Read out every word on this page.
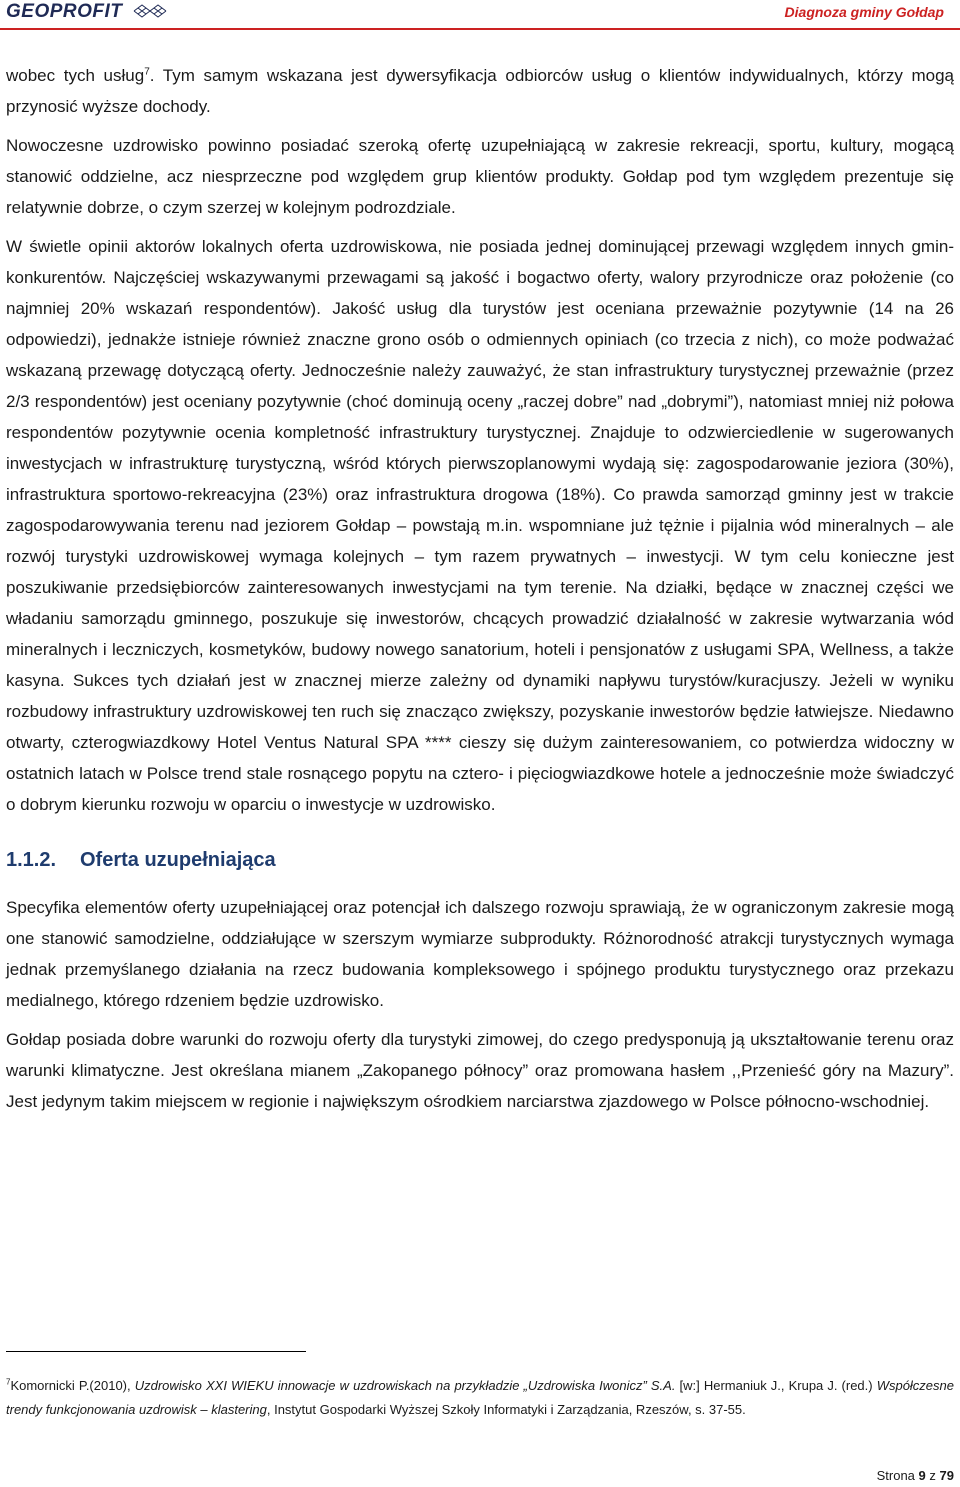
GEOPROFIT	Diagnoza gminy Gołdap

wobec tych usług$^7$. Tym samym wskazana jest dywersyfikacja odbiorców usług o klientów indywidualnych, którzy mogą przynosić wyższe dochody.

Nowoczesne uzdrowisko powinno posiadać szeroką ofertę uzupełniającą w zakresie rekreacji, sportu, kultury, mogącą stanowić oddzielne, acz niesprzeczne pod względem grup klientów produkty. Gołdap pod tym względem prezentuje się relatywnie dobrze, o czym szerzej w kolejnym podrozdziale.

W świetle opinii aktorów lokalnych oferta uzdrowiskowa, nie posiada jednej dominującej przewagi względem innych gmin-konkurentów. Najczęściej wskazywanymi przewagami są jakość i bogactwo oferty, walory przyrodnicze oraz położenie (co najmniej 20% wskazań respondentów). Jakość usług dla turystów jest oceniana przeważnie pozytywnie (14 na 26 odpowiedzi), jednakże istnieje również znaczne grono osób o odmiennych opiniach (co trzecia z nich), co może podważać wskazaną przewagę dotyczącą oferty. Jednocześnie należy zauważyć, że stan infrastruktury turystycznej przeważnie (przez 2/3 respondentów) jest oceniany pozytywnie (choć dominują oceny „raczej dobre” nad „dobrymi”), natomiast mniej niż połowa respondentów pozytywnie ocenia kompletność infrastruktury turystycznej. Znajduje to odzwierciedlenie w sugerowanych inwestycjach w infrastrukturę turystyczną, wśród których pierwszoplanowymi wydają się: zagospodarowanie jeziora (30%), infrastruktura sportowo-rekreacyjna (23%) oraz infrastruktura drogowa (18%). Co prawda samorząd gminny jest w trakcie zagospodarowywania terenu nad jeziorem Gołdap – powstają m.in. wspomniane już tężnie i pijalnia wód mineralnych – ale rozwój turystyki uzdrowiskowej wymaga kolejnych – tym razem prywatnych – inwestycji. W tym celu konieczne jest poszukiwanie przedsiębiorców zainteresowanych inwestycjami na tym terenie. Na działki, będące w znacznej części we władaniu samorządu gminnego, poszukuje się inwestorów, chcących prowadzić działalność w zakresie wytwarzania wód mineralnych i leczniczych, kosmetyków, budowy nowego sanatorium, hoteli i pensjonatów z usługami SPA, Wellness, a także kasyna. Sukces tych działań jest w znacznej mierze zależny od dynamiki napływu turystów/kuracjuszy. Jeżeli w wyniku rozbudowy infrastruktury uzdrowiskowej ten ruch się znacząco zwiększy, pozyskanie inwestorów będzie łatwiejsze. Niedawno otwarty, czterogwiazdkowy Hotel Ventus Natural SPA **** cieszy się dużym zainteresowaniem, co potwierdza widoczny w ostatnich latach w Polsce trend stale rosnącego popytu na cztero- i pięciogwiazdkowe hotele a jednocześnie może świadczyć o dobrym kierunku rozwoju w oparciu o inwestycje w uzdrowisko.

1.1.2. Oferta uzupełniająca

Specyfika elementów oferty uzupełniającej oraz potencjał ich dalszego rozwoju sprawiają, że w ograniczonym zakresie mogą one stanowić samodzielne, oddziałujące w szerszym wymiarze subprodukty. Różnorodność atrakcji turystycznych wymaga jednak przemyślanego działania na rzecz budowania kompleksowego i spójnego produktu turystycznego oraz przekazu medialnego, którego rdzeniem będzie uzdrowisko.

Gołdap posiada dobre warunki do rozwoju oferty dla turystyki zimowej, do czego predysponują ją ukształtowanie terenu oraz warunki klimatyczne. Jest określana mianem „Zakopanego północy” oraz promowana hasłem ,,Przenieść góry na Mazury”. Jest jedynym takim miejscem w regionie i największym ośrodkiem narciarstwa zjazdowego w Polsce północno-wschodniej.

$^7$Komornicki P.(2010), Uzdrowisko XXI WIEKU innowacje w uzdrowiskach na przykładzie „Uzdrowiska Iwonicz” S.A. [w:] Hermaniuk J., Krupa J. (red.) Współczesne trendy funkcjonowania uzdrowisk – klastering, Instytut Gospodarki Wyższej Szkoły Informatyki i Zarządzania, Rzeszów, s. 37-55.
Strona 9 z 79
